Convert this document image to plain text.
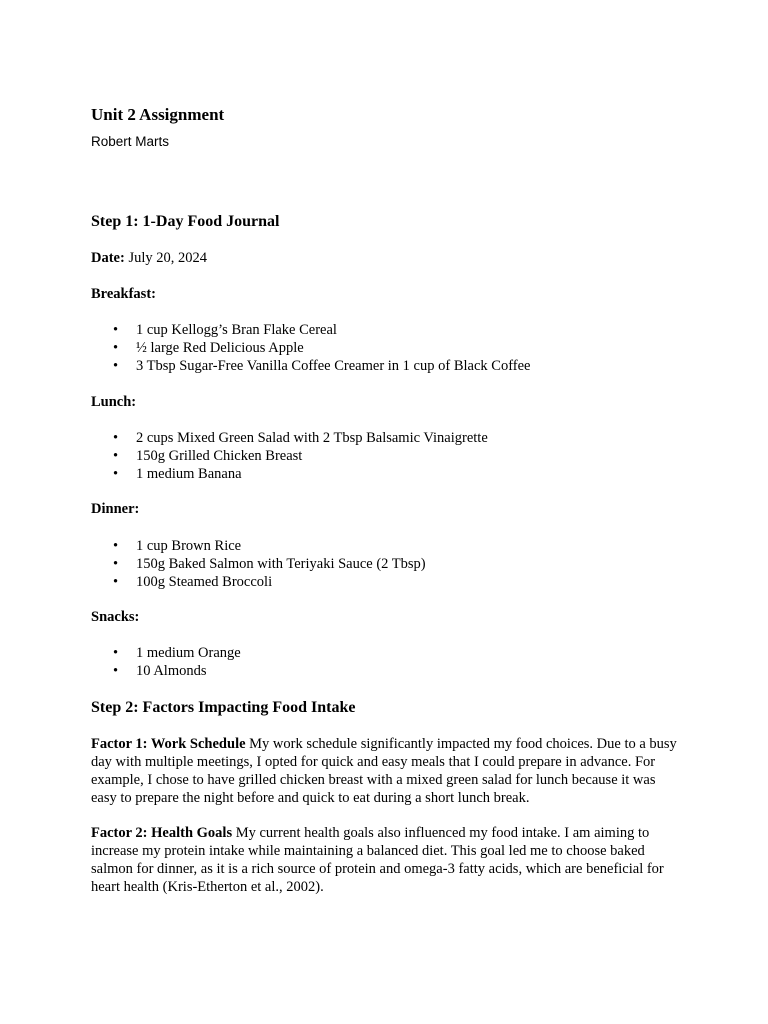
Unit 2 Assignment

Robert Marts

Step 1: 1-Day Food Journal

Date: July 20, 2024

Breakfast:

• 1 cup Kellogg’s Bran Flake Cereal
• ½ large Red Delicious Apple
• 3 Tbsp Sugar-Free Vanilla Coffee Creamer in 1 cup of Black Coffee

Lunch:

• 2 cups Mixed Green Salad with 2 Tbsp Balsamic Vinaigrette
• 150g Grilled Chicken Breast
• 1 medium Banana

Dinner:

• 1 cup Brown Rice
• 150g Baked Salmon with Teriyaki Sauce (2 Tbsp)
• 100g Steamed Broccoli

Snacks:

• 1 medium Orange
• 10 Almonds
Step 2: Factors Impacting Food Intake

Factor 1: Work Schedule My work schedule significantly impacted my food choices. Due to a busy day with multiple meetings, I opted for quick and easy meals that I could prepare in advance. For example, I chose to have grilled chicken breast with a mixed green salad for lunch because it was easy to prepare the night before and quick to eat during a short lunch break.

Factor 2: Health Goals My current health goals also influenced my food intake. I am aiming to increase my protein intake while maintaining a balanced diet. This goal led me to choose baked salmon for dinner, as it is a rich source of protein and omega-3 fatty acids, which are beneficial for heart health (Kris-Etherton et al., 2002).
